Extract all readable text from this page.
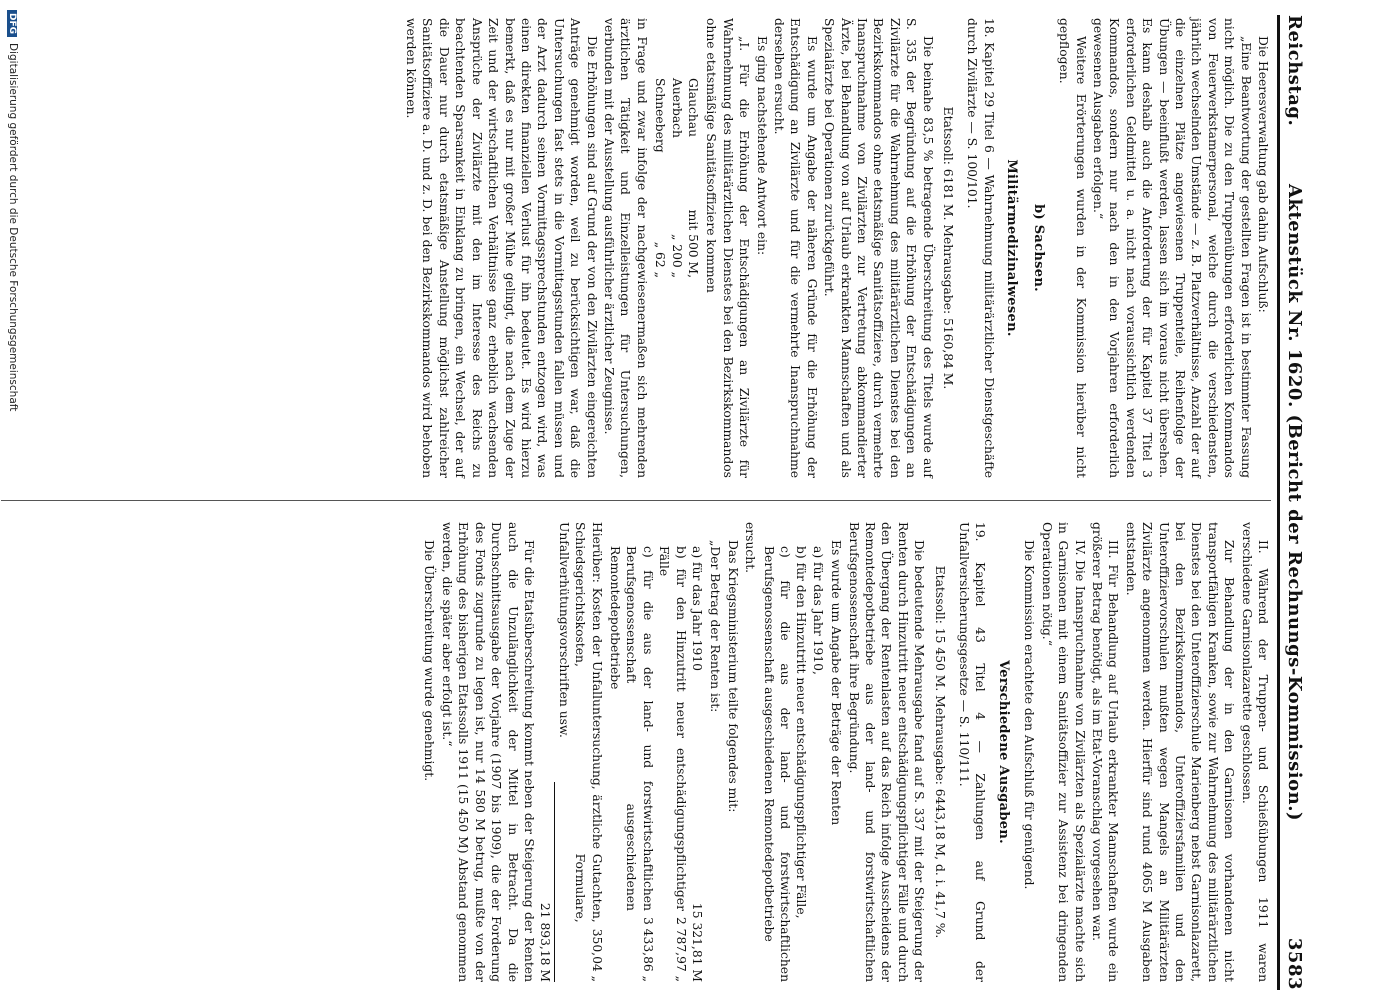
Reichstag.
Aktenstück Nr. 1620. (Bericht der Rechnungs-Kommission.)
3583

Die Heeresverwaltung gab dahin Aufschluß:

„Eine Beantwortung der gestellten Fragen ist in bestimmter Fassung nicht möglich. Die zu den Truppenübungen erforderlichen Kommandos von Feuerwerkstamerpersonal, welche durch die verschiedensten, jährlich wechselnden Umstände — z. B. Platzverhältnisse, Anzahl der auf die einzelnen Plätze angewiesenen Truppenteile, Reihenfolge der Übungen — beeinflußt werden, lassen sich im voraus nicht übersehen. Es kann deshalb auch die Anforderung der für Kapitel 37 Titel 3 erforderlichen Geldmittel u. a. nicht nach voraussichtlich werdenden Kommandos, sondern nur nach den in den Vorjahren erforderlich gewesenen Ausgaben erfolgen.“

Weitere Erörterungen wurden in der Kommission hierüber nicht gepflogen.

b) Sachsen.
Militärmedizinalwesen.

18. Kapitel 29 Titel 6 — Wahrnehmung militärärztlicher Dienstgeschäfte durch Zivilärzte — S. 100/101.

Etatssoll: 6181 M. Mehrausgabe: 5160,84 M.

Die beinahe 83,5 % betragende Überschreitung des Titels wurde auf S. 335 der Begründung auf die Erhöhung der Entschädigungen an Zivilärzte für die Wahrnehmung des militärärztlichen Dienstes bei den Bezirkskommandos ohne etatsmäßige Sanitätsoffiziere, durch vermehrte Inanspruchnahme von Zivilärzten zur Vertretung abkommandierter Ärzte, bei Behandlung von auf Urlaub erkrankten Mannschaften und als Spezialärzte bei Operationen zurückgeführt.

Es wurde um Angabe der näheren Gründe für die Erhöhung der Entschädigung an Zivilärzte und für die vermehrte Inanspruchnahme derselben ersucht.

Es ging nachstehende Antwort ein:

„I. Für die Erhöhung der Entschädigungen an Zivilärzte für Wahrnehmung des militärärztlichen Dienstes bei den Bezirkskommandos ohne etatsmäßige Sanitätsoffiziere kommen

Glauchau
mit 500 M,
Auerbach
„ 200 „
Schneeberg
„ 62 „

in Frage und zwar infolge der nachgewiesenermaßen sich mehrenden ärztlichen Tätigkeit und Einzelleistungen für Untersuchungen, verbunden mit der Ausstellung ausführlicher ärztlicher Zeugnisse.

Die Erhöhungen sind auf Grund der von den Zivilärzten eingereichten Anträge genehmigt worden, weil zu berücksichtigen war, daß die Untersuchungen fast stets in die Vormittagsstunden fallen müssen und der Arzt dadurch seinen Vormittagssprechstunden entzogen wird, was einen direkten finanziellen Verlust für ihn bedeutet. Es wird hierzu bemerkt, daß es nur mit großer Mühe gelingt, die nach dem Zuge der Zeit und der wirtschaftlichen Verhältnisse ganz erheblich wachsenden Ansprüche der Zivilärzte mit den im Interesse des Reichs zu beachtenden Sparsamkeit in Einklang zu bringen, ein Wechsel, der auf die Dauer nur durch etatsmäßige Anstellung möglichst zahlreicher Sanitätsoffiziere a. D. und z. D. bei den Bezirkskommandos wird behoben werden können.

II. Während der Truppen- und Schießübungen 1911 waren verschiedene Garnisonlazarette geschlossen.

Zur Behandlung der in den Garnisonen vorhandenen nicht transportfähigen Kranken, sowie zur Wahrnehmung des militärärztlichen Dienstes bei den Unteroffizierschule Marienberg nebst Garnisonlazarett, bei den Bezirkskommandos, Unteroffiziersfamilien und den Unteroffiziervorschulen mußten wegen Mangels an Militärärzten Zivilärzte angenommen werden. Hierfür sind rund 4065 M Ausgaben entstanden.

III. Für Behandlung auf Urlaub erkrankter Mannschaften wurde ein größerer Betrag benötigt, als im Etat-Voranschlag vorgesehen war.

IV. Die Inanspruchnahme von Zivilärzten als Spezialärzte machte sich in Garnisonen mit einem Sanitätsoffizier zur Assistenz bei dringenden Operationen nötig.“

Die Kommission erachtete den Aufschluß für genügend.

Verschiedene Ausgaben.

19. Kapitel 43 Titel 4 — Zahlungen auf Grund der Unfallversicherungsgesetze — S. 110/111.

Etatssoll: 15 450 M. Mehrausgabe: 6443,18 M, d. i. 41,7 %.

Die bedeutende Mehrausgabe fand auf S. 337 mit der Steigerung der Renten durch Hinzutritt neuer entschädigungspflichtiger Fälle und durch den Übergang der Rentenlasten auf das Reich infolge Ausscheidens der Remontedepotbetriebe aus der land- und forstwirtschaftlichen Berufsgenossenschaft ihre Begründung.

Es wurde um Angabe der Beträge der Renten

a) für das Jahr 1910,
b) für den Hinzutritt neuer entschädigungspflichtiger Fälle,
c) für die aus der land- und forstwirtschaftlichen Berufsgenossenschaft ausgeschiedenen Remontedepotbetriebe

ersucht.

Das Kriegsministerium teilte folgendes mit:

„Der Betrag der Renten ist:

a) für das Jahr 1910
15 321,81 M
b) für den Hinzutritt neuer entschädigungspflichtiger Fälle
2 787,97 „
c) für die aus der land- und forstwirtschaftlichen Berufsgenossenschaft ausgeschiedenen Remontedepotbetriebe
3 433,86 „
Hierüber: Kosten der Unfalluntersuchung, ärztliche Gutachten, Schiedsgerichtskosten, Formulare, Unfallverhütungsvorschriften usw.
350,04 „
21 893,18 M

Für die Etatsüberschreitung kommt neben der Steigerung der Renten auch die Unzulänglichkeit der Mittel in Betracht. Da die Durchschnittsausgabe der Vorjahre (1907 bis 1909), die der Forderung des Fonds zugrunde zu legen ist, nur 14 580 M betrug, mußte von der Erhöhung des bisherigen Etatssolls 1911 (15 450 M) Abstand genommen werden, die später aber erfolgt ist.“

Die Überschreitung wurde genehmigt.

DFGDigitalisierung gefördert durch die Deutsche Forschungsgemeinschaft
